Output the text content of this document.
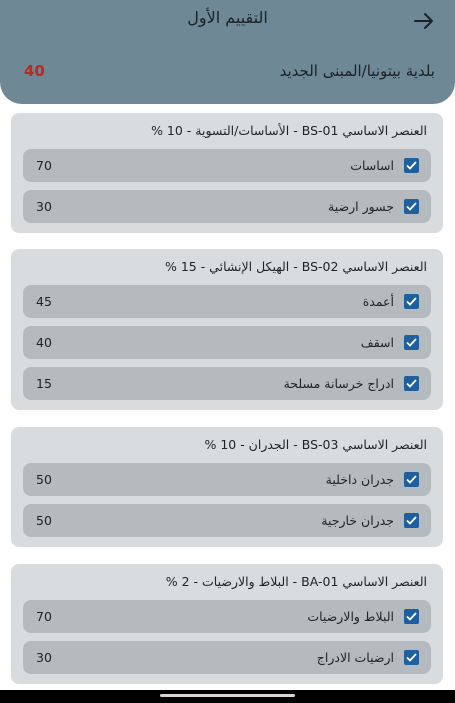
التقييم الأول
بلدية بيتونيا/المبنى الجديد
40
العنصر الاساسي BS-01 - الأساسات/التسوية - 10 %
اساسات
70
جسور ارضية
30
العنصر الاساسي BS-02 - الهيكل الإنشائي - 15 %
أعمدة
45
اسقف
40
ادراج خرسانة مسلحة
15
العنصر الاساسي BS-03 - الجدران - 10 %
جدران داخلية
50
جدران خارجية
50
العنصر الاساسي BA-01 - البلاط والارضيات - 2 %
البلاط والارضيات
70
ارضيات الادراج
30
